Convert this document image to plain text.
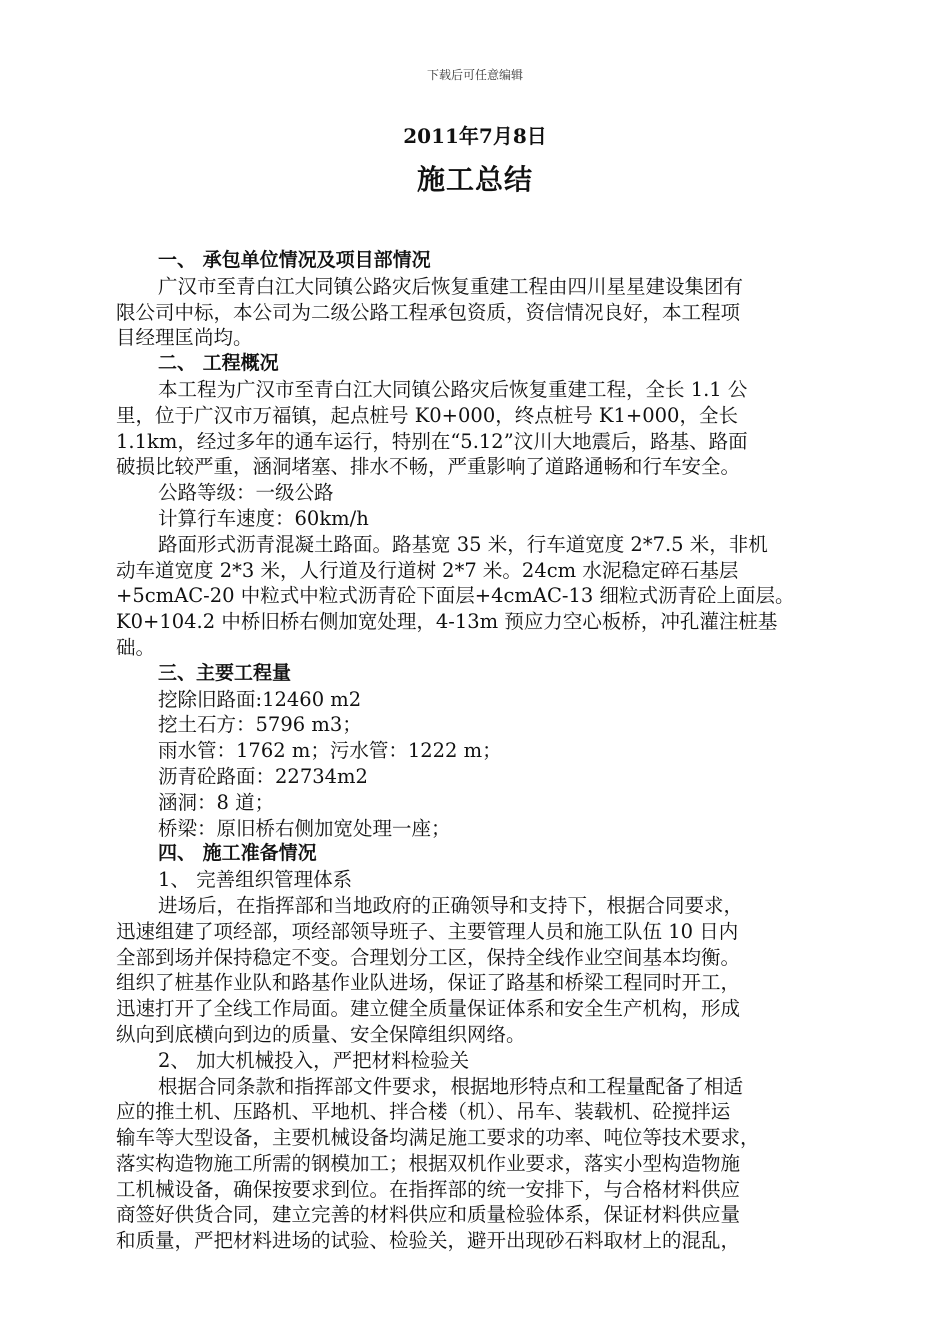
下载后可任意编辑
2011年7月8日
施工总结
一、 承包单位情况及项目部情况
广汉市至青白江大同镇公路灾后恢复重建工程由四川星星建设集团有
限公司中标，本公司为二级公路工程承包资质，资信情况良好，本工程项
目经理匡尚均。
二、 工程概况
本工程为广汉市至青白江大同镇公路灾后恢复重建工程，全长 1.1 公
里，位于广汉市万福镇，起点桩号 K0+000，终点桩号 K1+000，全长
1.1km，经过多年的通车运行，特别在“5.12”汶川大地震后，路基、路面
破损比较严重，涵洞堵塞、排水不畅，严重影响了道路通畅和行车安全。
公路等级：一级公路
计算行车速度：60km/h
路面形式沥青混凝土路面。路基宽 35 米，行车道宽度 2*7.5 米，非机
动车道宽度 2*3 米，人行道及行道树 2*7 米。24cm 水泥稳定碎石基层
+5cmAC-20 中粒式中粒式沥青砼下面层+4cmAC-13 细粒式沥青砼上面层。
K0+104.2 中桥旧桥右侧加宽处理，4-13m 预应力空心板桥，冲孔灌注桩基
础。
三、主要工程量
挖除旧路面:12460 m2
挖土石方：5796 m3；
雨水管：1762 m；污水管：1222 m；
沥青砼路面：22734m2
涵洞：8 道；
桥梁：原旧桥右侧加宽处理一座；
四、 施工准备情况
1、 完善组织管理体系
进场后，在指挥部和当地政府的正确领导和支持下，根据合同要求，
迅速组建了项经部，项经部领导班子、主要管理人员和施工队伍 10 日内
全部到场并保持稳定不变。合理划分工区，保持全线作业空间基本均衡。
组织了桩基作业队和路基作业队进场，保证了路基和桥梁工程同时开工，
迅速打开了全线工作局面。建立健全质量保证体系和安全生产机构，形成
纵向到底横向到边的质量、安全保障组织网络。
2、 加大机械投入，严把材料检验关
根据合同条款和指挥部文件要求，根据地形特点和工程量配备了相适
应的推土机、压路机、平地机、拌合楼（机）、吊车、装载机、砼搅拌运
输车等大型设备，主要机械设备均满足施工要求的功率、吨位等技术要求，
落实构造物施工所需的钢模加工；根据双机作业要求，落实小型构造物施
工机械设备，确保按要求到位。在指挥部的统一安排下，与合格材料供应
商签好供货合同，建立完善的材料供应和质量检验体系，保证材料供应量
和质量，严把材料进场的试验、检验关，避开出现砂石料取材上的混乱，
